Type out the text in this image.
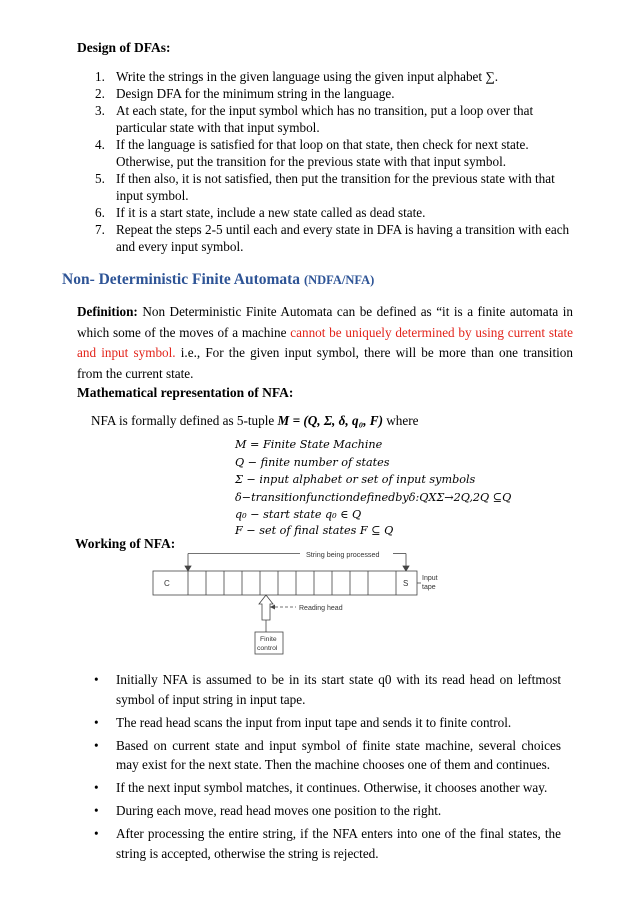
Design of DFAs:
1. Write the strings in the given language using the given input alphabet ∑.
2. Design DFA for the minimum string in the language.
3. At each state, for the input symbol which has no transition, put a loop over that particular state with that input symbol.
4. If the language is satisfied for that loop on that state, then check for next state. Otherwise, put the transition for the previous state with that input symbol.
5. If then also, it is not satisfied, then put the transition for the previous state with that input symbol.
6. If it is a start state, include a new state called as dead state.
7. Repeat the steps 2-5 until each and every state in DFA is having a transition with each and every input symbol.
Non- Deterministic Finite Automata (NDFA/NFA)
Definition: Non Deterministic Finite Automata can be defined as “it is a finite automata in which some of the moves of a machine cannot be uniquely determined by using current state and input symbol. i.e., For the given input symbol, there will be more than one transition from the current state.
Mathematical representation of NFA:
NFA is formally defined as 5-tuple M = (Q, Σ, δ, q₀, F) where
M = Finite State Machine
Q − finite number of states
Σ − input alphabet or set of input symbols
δ−transitionfunctiondefinedbyδ:QXΣ→2Q,2Q ⊆Q
q₀ − start state q₀ ∈ Q
F − set of final states F ⊆ Q
Working of NFA:
String being processed
C	S
Input
tape
Reading head
Finite
control
• Initially NFA is assumed to be in its start state q0 with its read head on leftmost symbol of input string in input tape.
• The read head scans the input from input tape and sends it to finite control.
• Based on current state and input symbol of finite state machine, several choices may exist for the next state. Then the machine chooses one of them and continues.
• If the next input symbol matches, it continues. Otherwise, it chooses another way.
• During each move, read head moves one position to the right.
• After processing the entire string, if the NFA enters into one of the final states, the string is accepted, otherwise the string is rejected.
